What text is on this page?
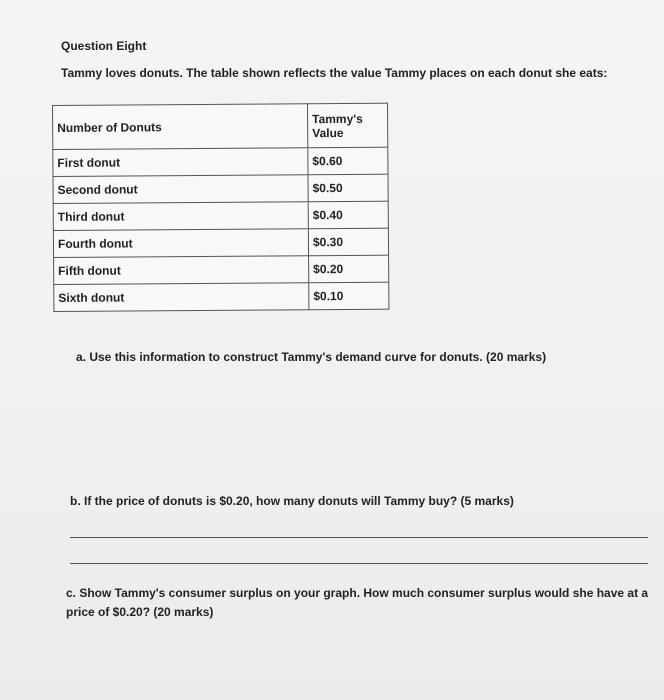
Question Eight
Tammy loves donuts. The table shown reflects the value Tammy places on each donut she eats:
Number of Donuts	Tammy's Value
First donut	$0.60
Second donut	$0.50
Third donut	$0.40
Fourth donut	$0.30
Fifth donut	$0.20
Sixth donut	$0.10
a. Use this information to construct Tammy's demand curve for donuts. (20 marks)
b. If the price of donuts is $0.20, how many donuts will Tammy buy? (5 marks)
c. Show Tammy's consumer surplus on your graph. How much consumer surplus would she have at a price of $0.20? (20 marks)
